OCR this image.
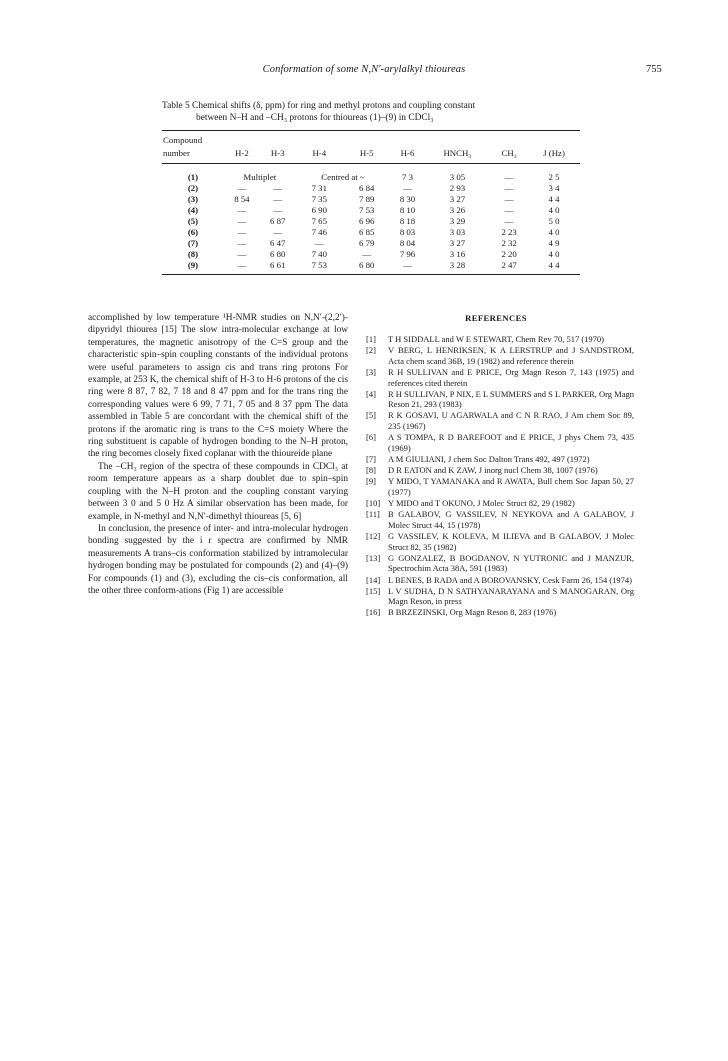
Conformation of some N,N′-arylalkyl thioureas	755
Table 5 Chemical shifts (δ, ppm) for ring and methyl protons and coupling constant
between N–H and –CH₃ protons for thioureas (1)–(9) in CDCl₃
Compound								
number	H-2	H-3	H-4	H-5	H-6	HNCH₃	CH₃	J (Hz)
(1)	Multiplet		Centred at ~		7 3	3 05	—	2 5
(2)	—	—	7 31	6 84	—	2 93	—	3 4
(3)	8 54	—	7 35	7 89	8 30	3 27	—	4 4
(4)	—	—	6 90	7 53	8 10	3 26	—	4 0
(5)	—	6 87	7 65	6 96	8 18	3 29	—	5 0
(6)	—	—	7 46	6 85	8 03	3 03	2 23	4 0
(7)	—	6 47	—	6 79	8 04	3 27	2 32	4 9
(8)	—	6 80	7 40	—	7 96	3 16	2 20	4 0
(9)	—	6 61	7 53	6 80	—	3 28	2 47	4 4

accomplished by low temperature ¹H-NMR studies on N,N′-(2,2′)-dipyridyl thiourea [15] The slow intra-molecular exchange at low temperatures, the magnetic anisotropy of the C=S group and the characteristic spin–spin coupling constants of the individual protons were useful parameters to assign cis and trans ring protons For example, at 253 K, the chemical shift of H-3 to H-6 protons of the cis ring were 8 87, 7 82, 7 18 and 8 47 ppm and for the trans ring the corresponding values were 6 99, 7 71, 7 05 and 8 37 ppm The data assembled in Table 5 are concordant with the chemical shift of the protons if the aromatic ring is trans to the C=S moiety Where the ring substituent is capable of hydrogen bonding to the N–H proton, the ring becomes closely fixed coplanar with the thioureide plane

The –CH₃ region of the spectra of these compounds in CDCl₃ at room temperature appears as a sharp doublet due to spin–spin coupling with the N–H proton and the coupling constant varying between 3 0 and 5 0 Hz A similar observation has been made, for example, in N-methyl and N,N′-dimethyl thioureas [5, 6]

In conclusion, the presence of inter- and intra-molecular hydrogen bonding suggested by the i r spectra are confirmed by NMR measurements A trans–cis conformation stabilized by intramolecular hydrogen bonding may be postulated for compounds (2) and (4)–(9) For compounds (1) and (3), excluding the cis–cis conformation, all the other three conform-ations (Fig 1) are accessible

REFERENCES
[1] T H SIDDALL and W E STEWART, Chem Rev 70, 517 (1970)
[2] V BERG, L HENRIKSEN, K A LERSTRUP and J SANDSTROM, Acta chem scand 36B, 19 (1982) and reference therein
[3] R H SULLIVAN and E PRICE, Org Magn Reson 7, 143 (1975) and references cited therein
[4] R H SULLIVAN, P NIX, E L SUMMERS and S L PARKER, Org Magn Reson 21, 293 (1983)
[5] R K GOSAVI, U AGARWALA and C N R RAO, J Am chem Soc 89, 235 (1967)
[6] A S TOMPA, R D BAREFOOT and E PRICE, J phys Chem 73, 435 (1969)
[7] A M GIULIANI, J chem Soc Dalton Trans 492, 497 (1972)
[8] D R EATON and K ZAW, J inorg nucl Chem 38, 1007 (1976)
[9] Y MIDO, T YAMANAKA and R AWATA, Bull chem Soc Japan 50, 27 (1977)
[10] Y MIDO and T OKUNO, J Molec Struct 82, 29 (1982)
[11] B GALABOV, G VASSILEV, N NEYKOVA and A GALABOV, J Molec Struct 44, 15 (1978)
[12] G VASSILEV, K KOLEVA, M ILIEVA and B GALABOV, J Molec Struct 82, 35 (1982)
[13] G GONZALEZ, B BOGDANOV, N YUTRONIC and J MANZUR, Spectrochim Acta 38A, 591 (1983)
[14] L BENES, B RADA and A BOROVANSKY, Cesk Farm 26, 154 (1974)
[15] L V SUDHA, D N SATHYANARAYANA and S MANOGARAN, Org Magn Reson, in press
[16] B BRZEZINSKI, Org Magn Reson 8, 283 (1976)
